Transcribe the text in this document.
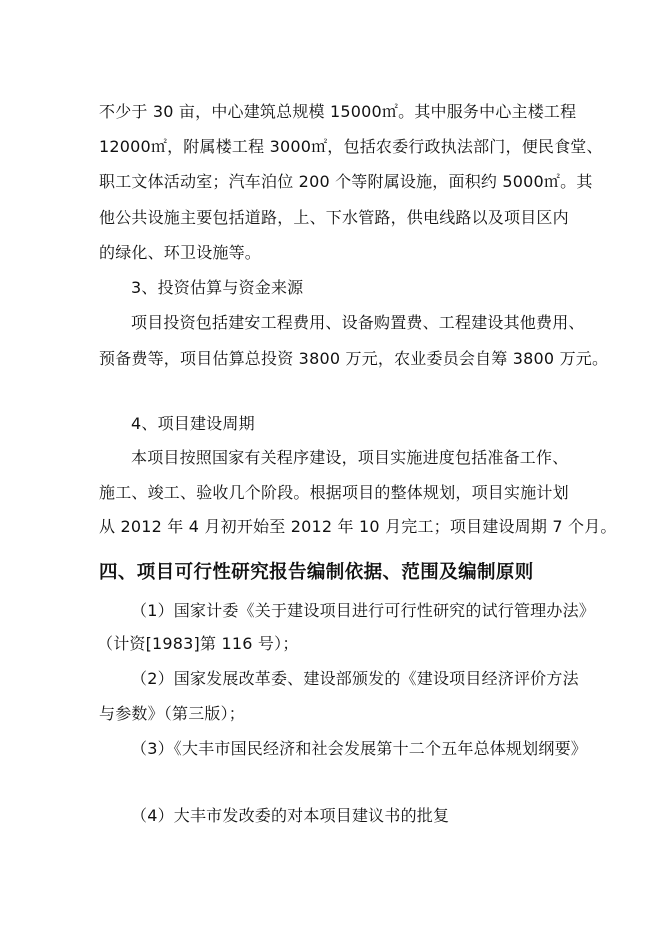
不少于 30 亩，中心建筑总规模 15000㎡。其中服务中心主楼工程
12000㎡，附属楼工程 3000㎡，包括农委行政执法部门，便民食堂、
职工文体活动室；汽车泊位 200 个等附属设施，面积约 5000㎡。其
他公共设施主要包括道路，上、下水管路，供电线路以及项目区内
的绿化、环卫设施等。
3、投资估算与资金来源
项目投资包括建安工程费用、设备购置费、工程建设其他费用、
预备费等，项目估算总投资 3800 万元，农业委员会自筹 3800 万元。
4、项目建设周期
本项目按照国家有关程序建设，项目实施进度包括准备工作、
施工、竣工、验收几个阶段。根据项目的整体规划，项目实施计划
从 2012 年 4 月初开始至 2012 年 10 月完工；项目建设周期 7 个月。
四、项目可行性研究报告编制依据、范围及编制原则
（1）国家计委《关于建设项目进行可行性研究的试行管理办法》
（计资[1983]第 116 号）；
（2）国家发展改革委、建设部颁发的《建设项目经济评价方法
与参数》（第三版）；
（3）《大丰市国民经济和社会发展第十二个五年总体规划纲要》
（4）大丰市发改委的对本项目建议书的批复
